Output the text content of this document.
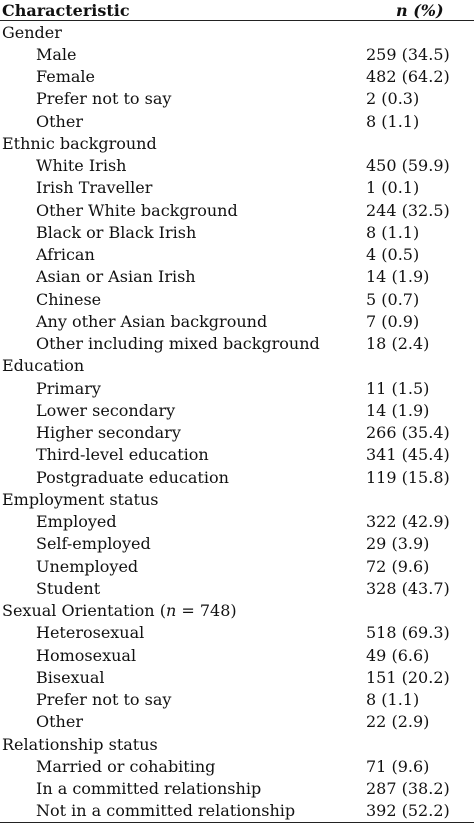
Characteristic	n (%)
Gender
Male	259 (34.5)
Female	482 (64.2)
Prefer not to say	2 (0.3)
Other	8 (1.1)
Ethnic background
White Irish	450 (59.9)
Irish Traveller	1 (0.1)
Other White background	244 (32.5)
Black or Black Irish	8 (1.1)
African	4 (0.5)
Asian or Asian Irish	14 (1.9)
Chinese	5 (0.7)
Any other Asian background	7 (0.9)
Other including mixed background	18 (2.4)
Education
Primary	11 (1.5)
Lower secondary	14 (1.9)
Higher secondary	266 (35.4)
Third-level education	341 (45.4)
Postgraduate education	119 (15.8)
Employment status
Employed	322 (42.9)
Self-employed	29 (3.9)
Unemployed	72 (9.6)
Student	328 (43.7)
Sexual Orientation (n = 748)
Heterosexual	518 (69.3)
Homosexual	49 (6.6)
Bisexual	151 (20.2)
Prefer not to say	8 (1.1)
Other	22 (2.9)
Relationship status
Married or cohabiting	71 (9.6)
In a committed relationship	287 (38.2)
Not in a committed relationship	392 (52.2)
